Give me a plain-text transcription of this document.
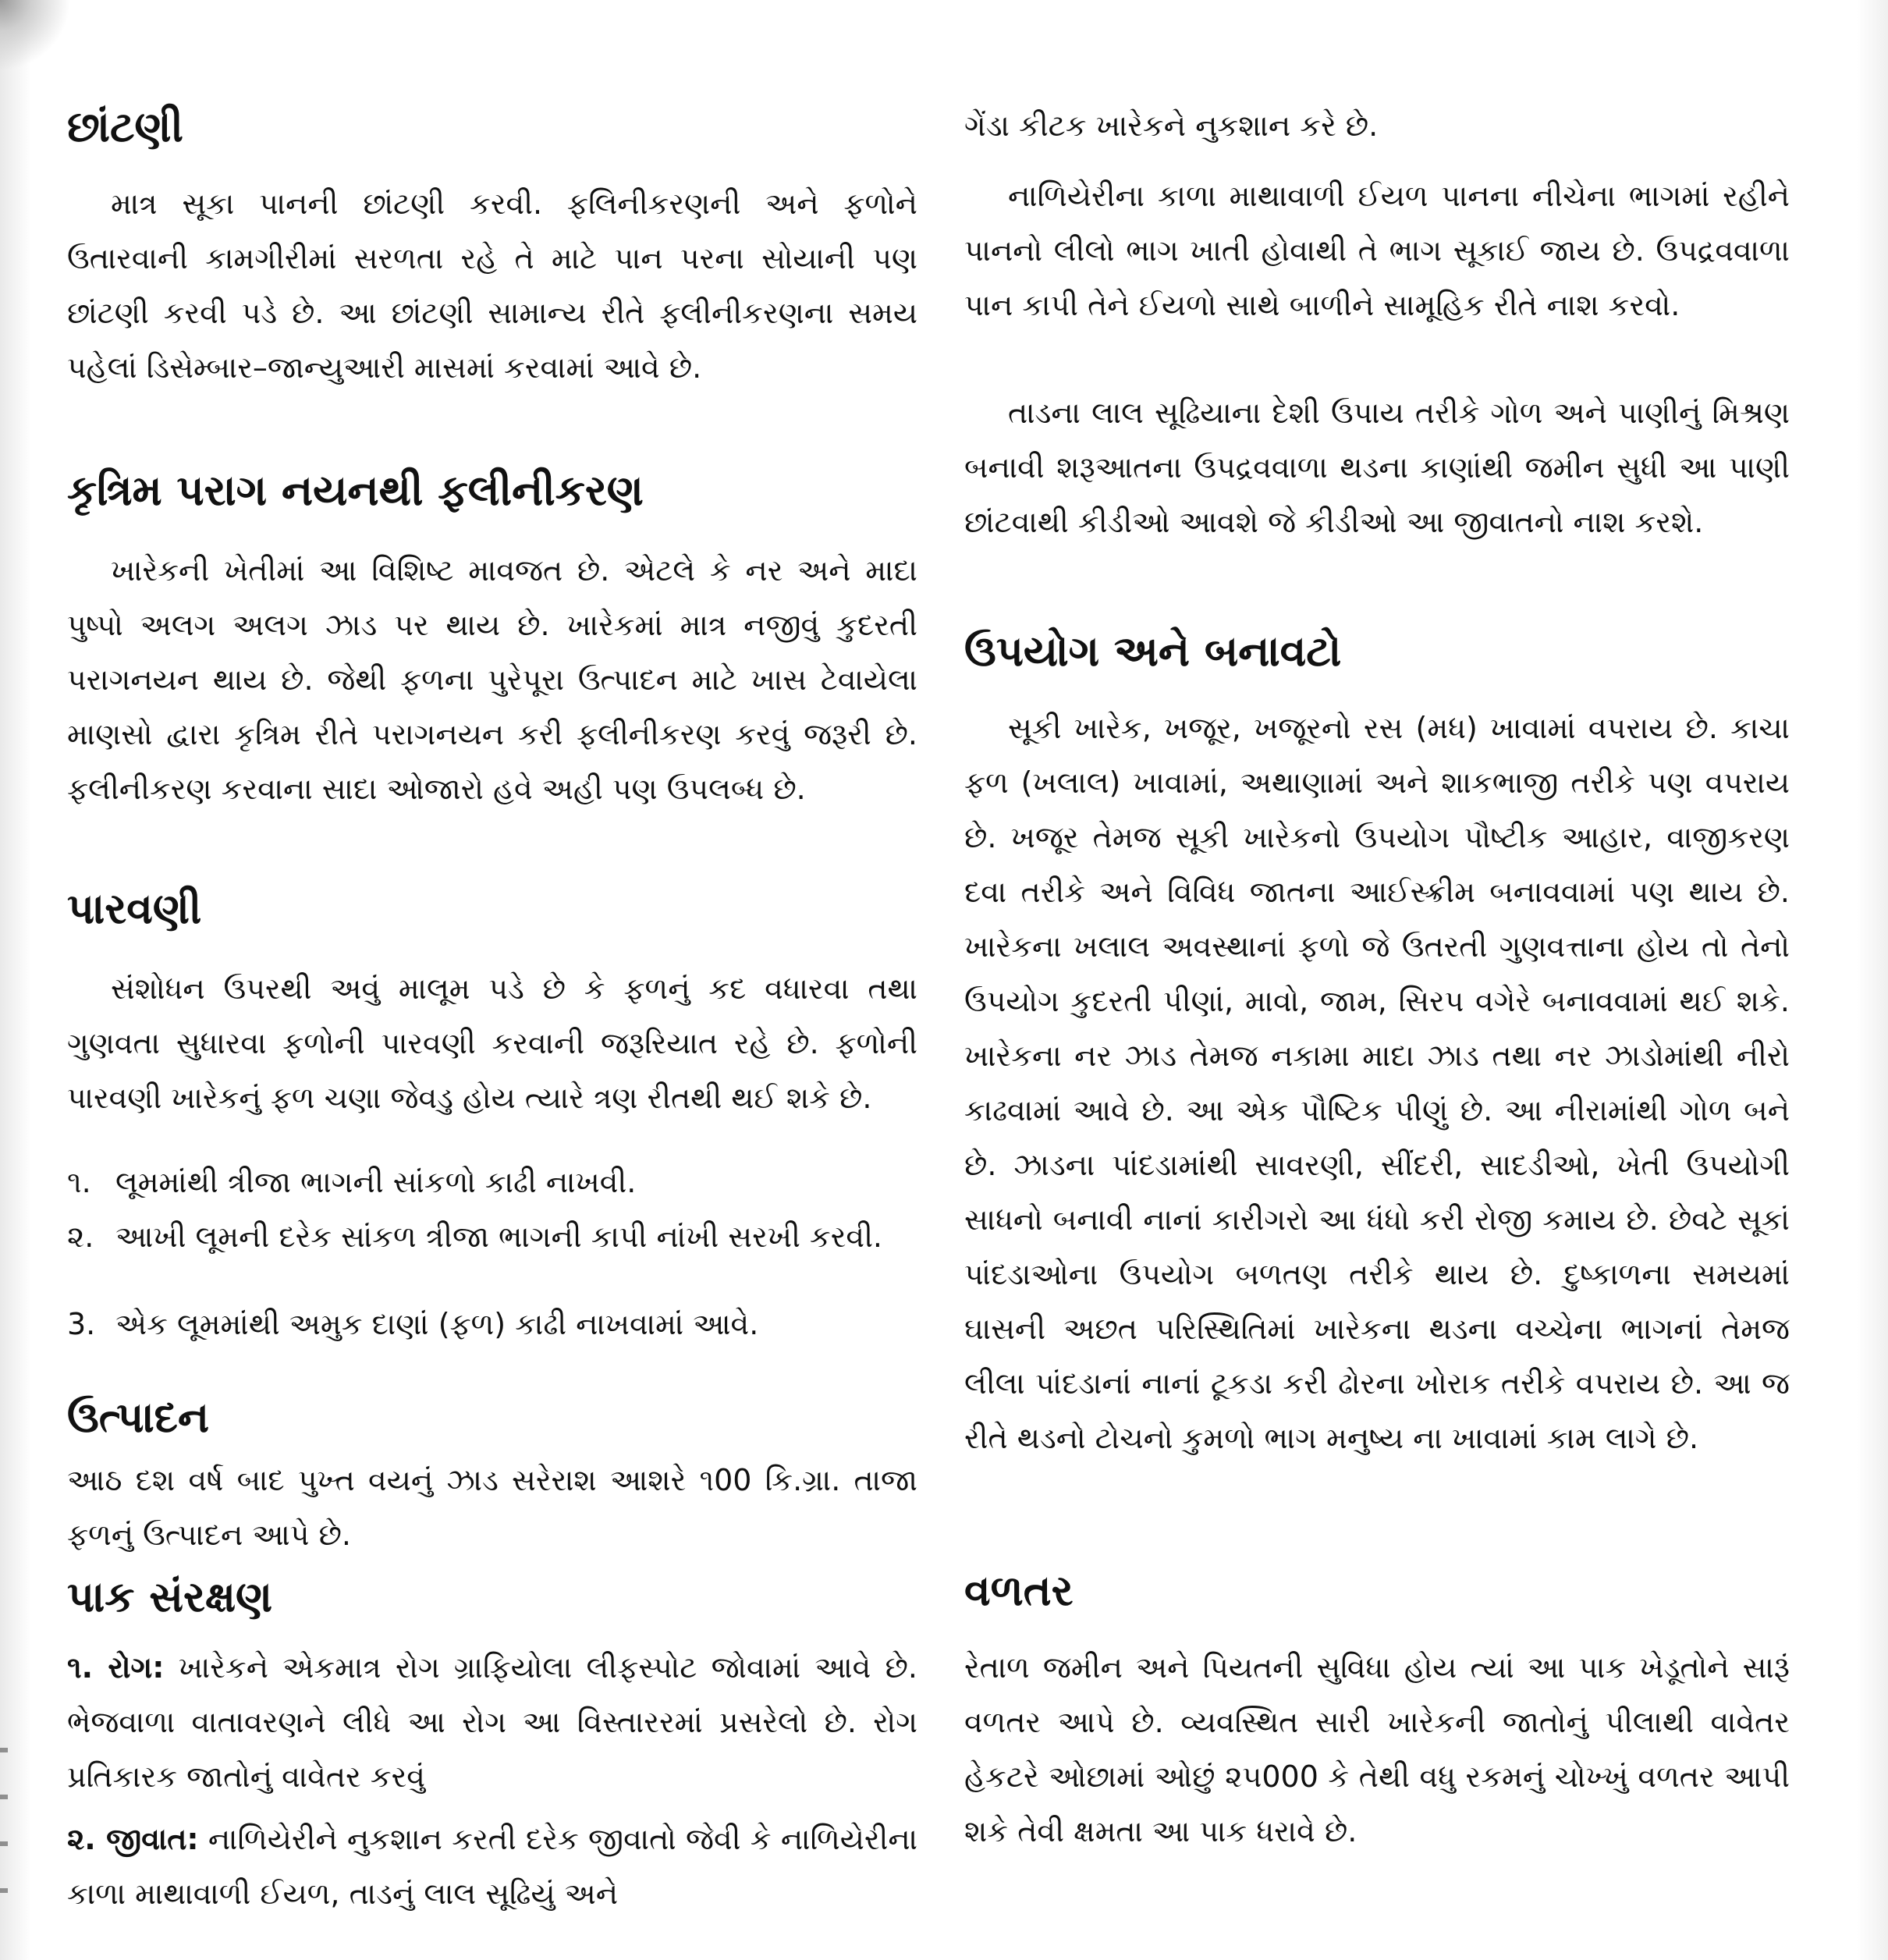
છાંટણી
માત્ર સૂકા પાનની છાંટણી કરવી. ફલિનીકરણની અને ફળોને ઉતારવાની કામગીરીમાં સરળતા રહે તે માટે પાન પરના સોયાની પણ છાંટણી કરવી પડે છે. આ છાંટણી સામાન્ય રીતે ફલીનીકરણના સમય પહેલાં ડિસેમ્બાર–જાન્યુઆરી માસમાં કરવામાં આવે છે.
કૃત્રિમ પરાગ નયનથી ફલીનીકરણ
ખારેકની ખેતીમાં આ વિશિષ્ટ માવજત છે. એટલે કે નર અને માદા પુષ્પો અલગ અલગ ઝાડ પર થાય છે. ખારેકમાં માત્ર નજીવું કુદરતી પરાગનયન થાય છે. જેથી ફળના પુરેપૂરા ઉત્પાદન માટે ખાસ ટેવાયેલા માણસો દ્વારા કૃત્રિમ રીતે પરાગનયન કરી ફલીનીકરણ કરવું જરૂરી છે. ફલીનીકરણ કરવાના સાદા ઓજારો હવે અહી પણ ઉપલબ્ધ છે.
પારવણી
સંશોધન ઉપરથી અવું માલૂમ પડે છે કે ફળનું કદ વધારવા તથા ગુણવતા સુધારવા ફળોની પારવણી કરવાની જરૂરિયાત રહે છે. ફળોની પારવણી ખારેકનું ફળ ચણા જેવડુ હોય ત્યારે ત્રણ રીતથી થઈ શકે છે.
૧. લૂમમાંથી ત્રીજા ભાગની સાંકળો કાઢી નાખવી.
૨. આખી લૂમની દરેક સાંકળ ત્રીજા ભાગની કાપી નાંખી સરખી કરવી.
3. એક લૂમમાંથી અમુક દાણાં (ફળ) કાઢી નાખવામાં આવે.
ઉત્પાદન
આઠ દશ વર્ષ બાદ પુખ્ત વયનું ઝાડ સરેરાશ આશરે ૧00 કિ.ગ્રા. તાજા ફળનું ઉત્પાદન આપે છે.
પાક સંરક્ષણ
૧. રોગ: ખારેકને એકમાત્ર રોગ ગ્રાફિયોલા લીફસ્પોટ જોવામાં આવે છે. ભેજવાળા વાતાવરણને લીધે આ રોગ આ વિસ્તારરમાં પ્રસરેલો છે. રોગ પ્રતિકારક જાતોનું વાવેતર કરવું
૨. જીવાત: નાળિયેરીને નુકશાન કરતી દરેક જીવાતો જેવી કે નાળિયેરીના કાળા માથાવાળી ઈયળ, તાડનું લાલ સૂઢિયું અને
ગેંડા કીટક ખારેકને નુકશાન કરે છે.
નાળિયેરીના કાળા માથાવાળી ઈયળ પાનના નીચેના ભાગમાં રહીને પાનનો લીલો ભાગ ખાતી હોવાથી તે ભાગ સૂકાઈ જાય છે. ઉપદ્રવવાળા પાન કાપી તેને ઈયળો સાથે બાળીને સામૂહિક રીતે નાશ કરવો.
તાડના લાલ સૂઢિયાના દેશી ઉપાય તરીકે ગોળ અને પાણીનું મિશ્રણ બનાવી શરૂઆતના ઉપદ્રવવાળા થડના કાણાંથી જમીન સુધી આ પાણી છાંટવાથી કીડીઓ આવશે જે કીડીઓ આ જીવાતનો નાશ કરશે.
ઉપયોગ અને બનાવટો
સૂકી ખારેક, ખજૂર, ખજૂરનો રસ (મધ) ખાવામાં વપરાય છે. કાચા ફળ (ખલાલ) ખાવામાં, અથાણામાં અને શાકભાજી તરીકે પણ વપરાય છે. ખજૂર તેમજ સૂકી ખારેકનો ઉપયોગ પૌષ્ટીક આહાર, વાજીકરણ દવા તરીકે અને વિવિધ જાતના આઈસ્ક્રીમ બનાવવામાં પણ થાય છે. ખારેકના ખલાલ અવસ્થાનાં ફળો જે ઉતરતી ગુણવત્તાના હોય તો તેનો ઉપયોગ કુદરતી પીણાં, માવો, જામ, સિરપ વગેરે બનાવવામાં થઈ શકે. ખારેકના નર ઝાડ તેમજ નકામા માદા ઝાડ તથા નર ઝાડોમાંથી નીરો કાઢવામાં આવે છે. આ એક પૌષ્ટિક પીણું છે. આ નીરામાંથી ગોળ બને છે. ઝાડના પાંદડામાંથી સાવરણી, સીંદરી, સાદડીઓ, ખેતી ઉપયોગી સાધનો બનાવી નાનાં કારીગરો આ ધંધો કરી રોજી કમાય છે. છેવટે સૂકાં પાંદડાઓના ઉપયોગ બળતણ તરીકે થાય છે. દુષ્કાળના સમયમાં ઘાસની અછત પરિસ્થિતિમાં ખારેકના થડના વચ્ચેના ભાગનાં તેમજ લીલા પાંદડાનાં નાનાં ટૂકડા કરી ઢોરના ખોરાક તરીકે વપરાય છે. આ જ રીતે થડનો ટોચનો કુમળો ભાગ મનુષ્ય ના ખાવામાં કામ લાગે છે.
વળતર
રેતાળ જમીન અને પિયતની સુવિધા હોય ત્યાં આ પાક ખેડૂતોને સારૂં વળતર આપે છે. વ્યવસ્થિત સારી ખારેકની જાતોનું પીલાથી વાવેતર હેકટરે ઓછામાં ઓછું ૨૫000 કે તેથી વધુ રકમનું ચોખ્ખું વળતર આપી શકે તેવી ક્ષમતા આ પાક ધરાવે છે.
